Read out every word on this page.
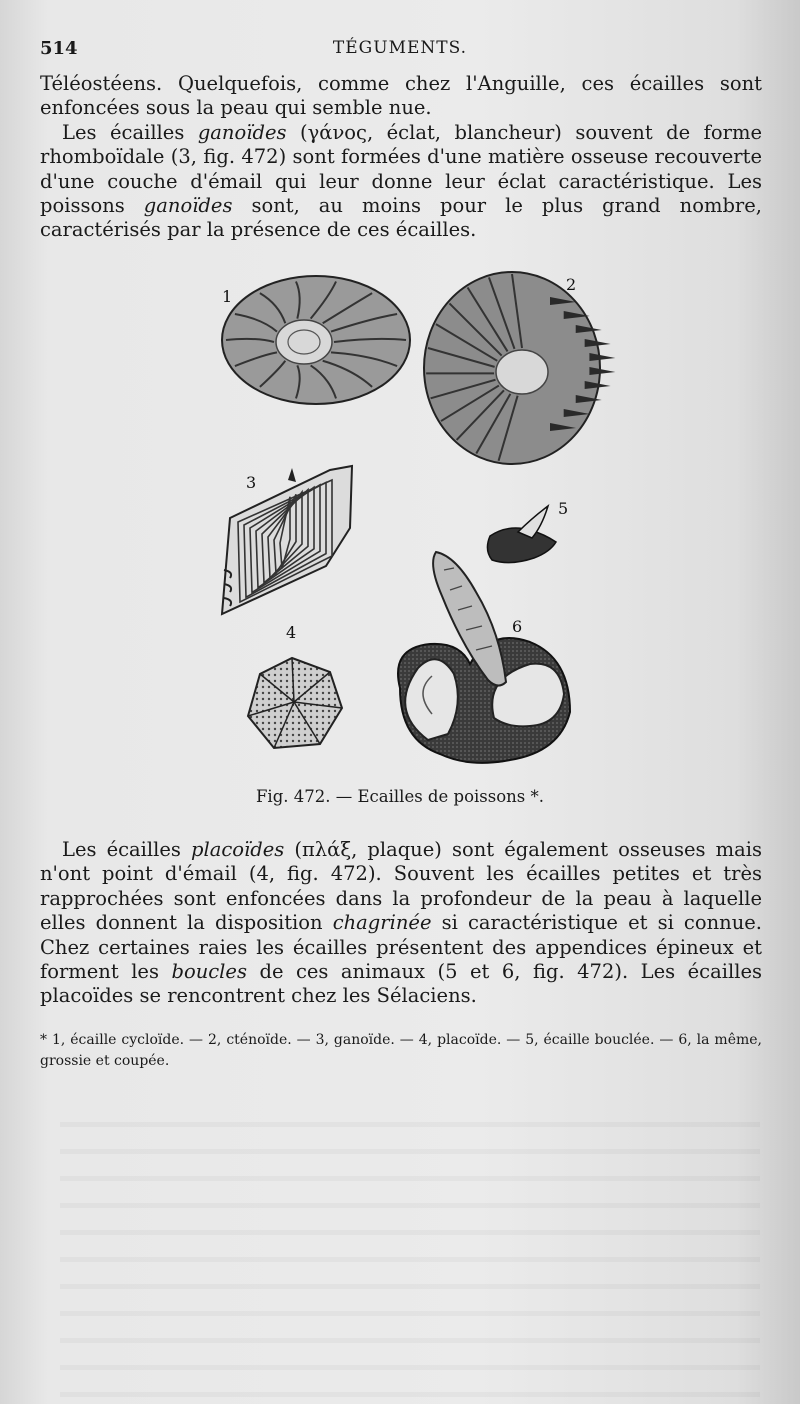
514	TÉGUMENTS.

Téléostéens. Quelquefois, comme chez l'Anguille, ces écailles sont enfoncées sous la peau qui semble nue.

Les écailles ganoïdes (γάνος, éclat, blancheur) souvent de forme rhomboïdale (3, fig. 472) sont formées d'une matière osseuse recouverte d'une couche d'émail qui leur donne leur éclat caractéristique. Les poissons ganoïdes sont, au moins pour le plus grand nombre, caractérisés par la présence de ces écailles.

1
2
3
4
5
6
Fig. 472. — Ecailles de poissons *.

Les écailles placoïdes (πλάξ, plaque) sont également osseuses mais n'ont point d'émail (4, fig. 472). Souvent les écailles petites et très rapprochées sont enfoncées dans la profondeur de la peau à laquelle elles donnent la disposition chagrinée si caractéristique et si connue. Chez certaines raies les écailles présentent des appendices épineux et forment les boucles de ces animaux (5 et 6, fig. 472). Les écailles placoïdes se rencontrent chez les Sélaciens.

* 1, écaille cycloïde. — 2, cténoïde. — 3, ganoïde. — 4, placoïde. — 5, écaille bouclée. — 6, la même, grossie et coupée.
